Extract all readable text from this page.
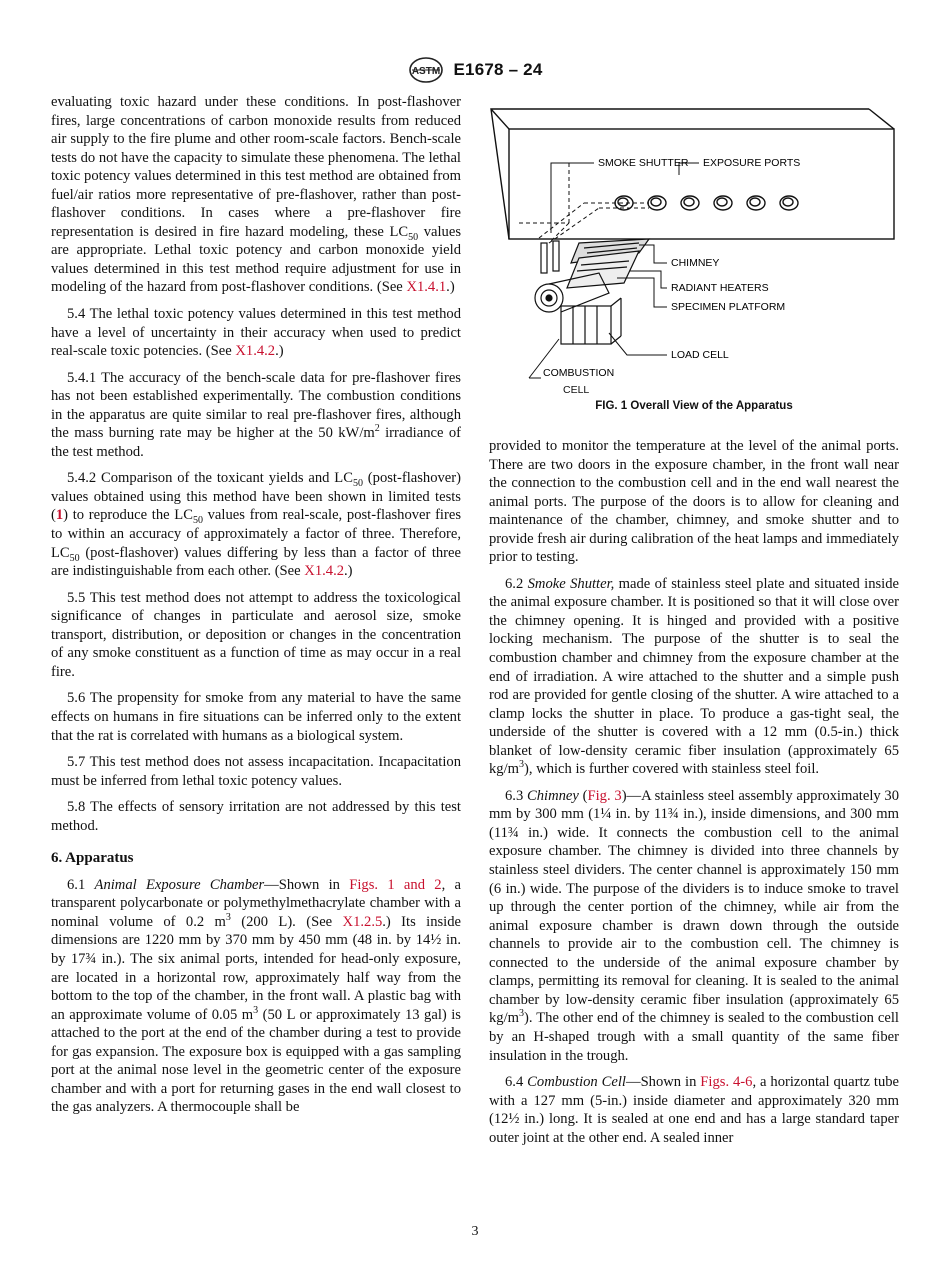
ASTM E1678 – 24

evaluating toxic hazard under these conditions. In post-flashover fires, large concentrations of carbon monoxide results from reduced air supply to the fire plume and other room-scale factors. Bench-scale tests do not have the capacity to simulate these phenomena. The lethal toxic potency values determined in this test method are obtained from fuel/air ratios more representative of pre-flashover, rather than post-flashover conditions. In cases where a pre-flashover fire representation is desired in fire hazard modeling, these $LC_{50}$ values are appropriate. Lethal toxic potency and carbon monoxide yield values determined in this test method require adjustment for use in modeling of the hazard from post-flashover conditions. (See X1.4.1.)

5.4 The lethal toxic potency values determined in this test method have a level of uncertainty in their accuracy when used to predict real-scale toxic potencies. (See X1.4.2.)

5.4.1 The accuracy of the bench-scale data for pre-flashover fires has not been established experimentally. The combustion conditions in the apparatus are quite similar to real pre-flashover fires, although the mass burning rate may be higher at the 50 $kW/m^2$ irradiance of the test method.

5.4.2 Comparison of the toxicant yields and $LC_{50}$ (post-flashover) values obtained using this method have been shown in limited tests (1) to reproduce the $LC_{50}$ values from real-scale, post-flashover fires to within an accuracy of approximately a factor of three. Therefore, $LC_{50}$ (post-flashover) values differing by less than a factor of three are indistinguishable from each other. (See X1.4.2.)

5.5 This test method does not attempt to address the toxicological significance of changes in particulate and aerosol size, smoke transport, distribution, or deposition or changes in the concentration of any smoke constituent as a function of time as may occur in a real fire.

5.6 The propensity for smoke from any material to have the same effects on humans in fire situations can be inferred only to the extent that the rat is correlated with humans as a biological system.

5.7 This test method does not assess incapacitation. Incapacitation must be inferred from lethal toxic potency values.

5.8 The effects of sensory irritation are not addressed by this test method.

6. Apparatus

6.1 Animal Exposure Chamber—Shown in Figs. 1 and 2, a transparent polycarbonate or polymethylmethacrylate chamber with a nominal volume of 0.2 $m^3$ (200 L). (See X1.2.5.) Its inside dimensions are 1220 mm by 370 mm by 450 mm (48 in. by 14½ in. by 17¾ in.). The six animal ports, intended for head-only exposure, are located in a horizontal row, approximately half way from the bottom to the top of the chamber, in the front wall. A plastic bag with an approximate volume of 0.05 $m^3$ (50 L or approximately 13 gal) is attached to the port at the end of the chamber during a test to provide for gas expansion. The exposure box is equipped with a gas sampling port at the animal nose level in the geometric center of the exposure chamber and with a port for returning gases in the end wall closest to the gas analyzers. A thermocouple shall be

SMOKE SHUTTER EXPOSURE PORTS
CHIMNEY
RADIANT HEATERS
SPECIMEN PLATFORM
LOAD CELL
COMBUSTION
CELL
FIG. 1 Overall View of the Apparatus

provided to monitor the temperature at the level of the animal ports. There are two doors in the exposure chamber, in the front wall near the connection to the combustion cell and in the end wall nearest the animal ports. The purpose of the doors is to allow for cleaning and maintenance of the chamber, chimney, and smoke shutter and to provide fresh air during calibration of the heat lamps and immediately prior to testing.

6.2 Smoke Shutter, made of stainless steel plate and situated inside the animal exposure chamber. It is positioned so that it will close over the chimney opening. It is hinged and provided with a positive locking mechanism. The purpose of the shutter is to seal the combustion chamber and chimney from the exposure chamber at the end of irradiation. A wire attached to the shutter and a simple push rod are provided for gentle closing of the shutter. A wire attached to a clamp locks the shutter in place. To produce a gas-tight seal, the underside of the shutter is covered with a 12 mm (0.5-in.) thick blanket of low-density ceramic fiber insulation (approximately 65 $kg/m^3$), which is further covered with stainless steel foil.

6.3 Chimney (Fig. 3)—A stainless steel assembly approximately 30 mm by 300 mm (1¼ in. by 11¾ in.), inside dimensions, and 300 mm (11¾ in.) wide. It connects the combustion cell to the animal exposure chamber. The chimney is divided into three channels by stainless steel dividers. The center channel is approximately 150 mm (6 in.) wide. The purpose of the dividers is to induce smoke to travel up through the center portion of the chimney, while air from the animal exposure chamber is drawn down through the outside channels to provide air to the combustion cell. The chimney is connected to the underside of the animal exposure chamber by clamps, permitting its removal for cleaning. It is sealed to the animal chamber by low-density ceramic fiber insulation (approximately 65 $kg/m^3$). The other end of the chimney is sealed to the combustion cell by an H-shaped trough with a small quantity of the same fiber insulation in the trough.

6.4 Combustion Cell—Shown in Figs. 4-6, a horizontal quartz tube with a 127 mm (5-in.) inside diameter and approximately 320 mm (12½ in.) long. It is sealed at one end and has a large standard taper outer joint at the other end. A sealed inner

3
